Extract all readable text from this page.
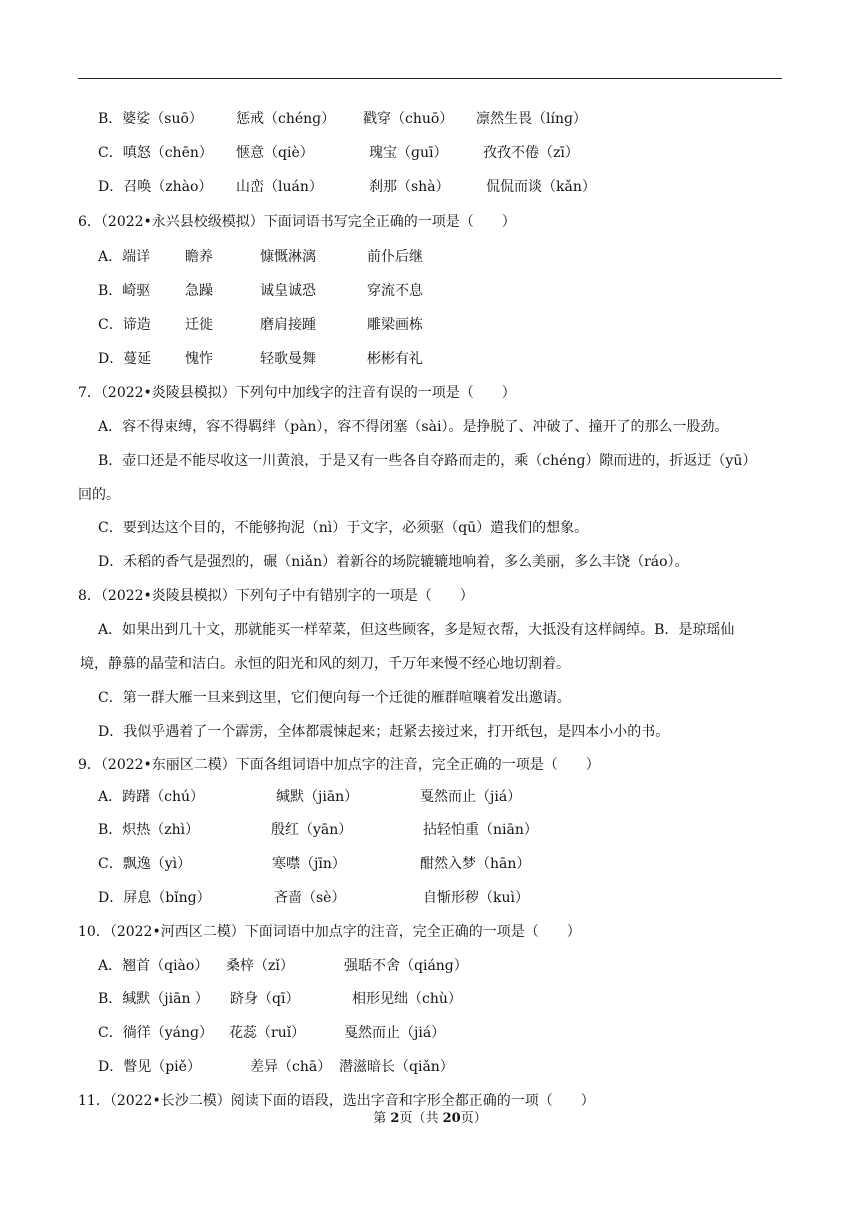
B．婆娑（suō） 惩戒（chénɡ） 戳穿（chuō） 凛然生畏（línɡ）
C．嗔怒（chēn） 惬意（qiè）	瑰宝（ɡuī）	孜孜不倦（zī）
D．召唤（zhào） 山峦（luán）	刹那（shà）	侃侃而谈（kǎn）
6．（2022•永兴县校级模拟）下面词语书写完全正确的一项是（　　）
A．端详 瞻养	慷慨淋漓	前仆后继
B．崎驱 急躁	诚皇诚恐	穿流不息
C．谛造 迁徙	磨肩接踵	雕梁画栋
D．蔓延 愧怍	轻歌曼舞	彬彬有礼
7．（2022•炎陵县模拟）下列句中加线字的注音有误的一项是（　　）
A．容不得束缚，容不得羁绊（pàn），容不得闭塞（sài）。是挣脱了、冲破了、撞开了的那么一股劲。
B．壶口还是不能尽收这一川黄浪，于是又有一些各自夺路而走的，乘（chénɡ）隙而进的，折返迂（yū）
回的。
C．要到达这个目的，不能够拘泥（nì）于文字，必须驱（qū）遣我们的想象。
D．禾稻的香气是强烈的，碾（niǎn）着新谷的场院辘辘地响着，多么美丽，多么丰饶（ráo）。
8．（2022•炎陵县模拟）下列句子中有错别字的一项是（　　）
A．如果出到几十文，那就能买一样荤菜，但这些顾客，多是短衣帮，大抵没有这样阔绰。B．是琼瑶仙
境，静慕的晶莹和洁白。永恒的阳光和风的刻刀，千万年来慢不经心地切割着。
C．第一群大雁一旦来到这里，它们便向每一个迁徙的雁群喧嚷着发出邀请。
D．我似乎遇着了一个霹雳，全体都震悚起来；赶紧去接过来，打开纸包，是四本小小的书。
9．（2022•东丽区二模）下面各组词语中加点字的注音，完全正确的一项是（　　）
A．踌躇（chú）	缄默（jiān）	戛然而止（jiá）
B．炽热（zhì）	殷红（yān）	拈轻怕重（niān）
C．飘逸（yì）	寒噤（jīn）	酣然入梦（hān）
D．屏息（bǐnɡ）	吝啬（sè）	自惭形秽（kuì）
10．（2022•河西区二模）下面词语中加点字的注音，完全正确的一项是（　　）
A．翘首（qiào） 桑梓（zǐ）	强聒不舍（qiánɡ）
B．缄默（jiān ） 跻身（qī）	相形见绌（chù）
C．徜徉（yánɡ） 花蕊（ruǐ）	戛然而止（jiá）
D．瞥见（piě）	差异（chā） 潜滋暗长（qiǎn）
11．（2022•长沙二模）阅读下面的语段，选出字音和字形全都正确的一项（　　）
第 2页（共 20页）
